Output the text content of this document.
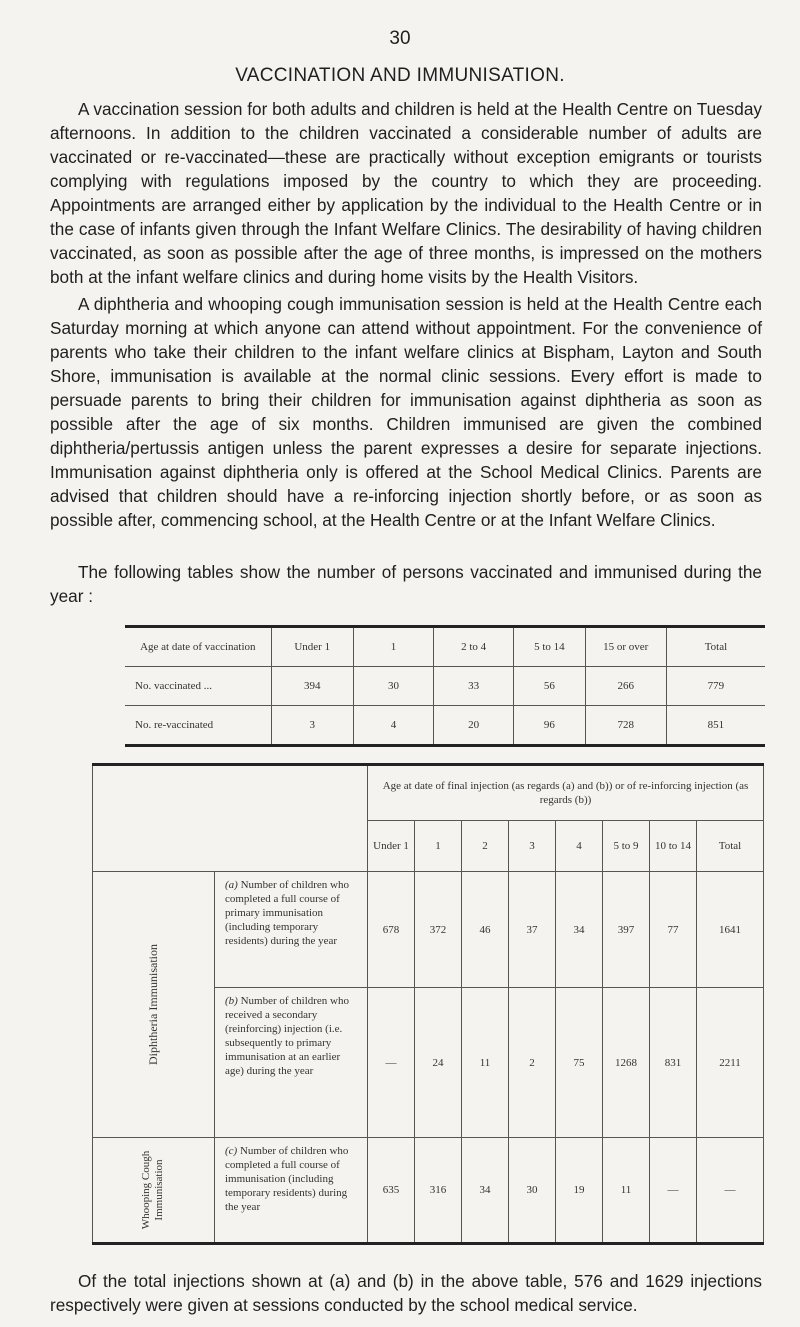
30
VACCINATION AND IMMUNISATION.

A vaccination session for both adults and children is held at the Health Centre on Tuesday afternoons. In addition to the children vaccinated a considerable number of adults are vaccinated or re-vaccinated—these are practically without exception emigrants or tourists complying with regulations imposed by the country to which they are proceeding. Appointments are arranged either by application by the individual to the Health Centre or in the case of infants given through the Infant Welfare Clinics. The desirability of having children vaccinated, as soon as possible after the age of three months, is impressed on the mothers both at the infant welfare clinics and during home visits by the Health Visitors.

A diphtheria and whooping cough immunisation session is held at the Health Centre each Saturday morning at which anyone can attend without appointment. For the convenience of parents who take their children to the infant welfare clinics at Bispham, Layton and South Shore, immunisation is available at the normal clinic sessions. Every effort is made to persuade parents to bring their children for immunisation against diphtheria as soon as possible after the age of six months. Children immunised are given the combined diphtheria/pertussis antigen unless the parent expresses a desire for separate injections. Immunisation against diphtheria only is offered at the School Medical Clinics. Parents are advised that children should have a re-inforcing injection shortly before, or as soon as possible after, commencing school, at the Health Centre or at the Infant Welfare Clinics.

The following tables show the number of persons vaccinated and immunised during the year :

Age at date of vaccination	Under 1	1	2 to 4	5 to 14	15 or over	Total
No. vaccinated ...	394	30	33	56	266	779
No. re-vaccinated	3	4	20	96	728	851
		Age at date of final injection (as regards (a) and (b)) or of re-inforcing injection (as regards (b))							
		Under 1	1	2	3	4	5 to 9	10 to 14	Total
Diphtheria Immunisation	(a) Number of children who completed a full course of primary immunisation (including temporary residents) during the year	678	372	46	37	34	397	77	1641
	(b) Number of children who received a secondary (reinforcing) injection (i.e. subsequently to primary immunisation at an earlier age) during the year	—	24	11	2	75	1268	831	2211
Whooping Cough Immunisation	(c) Number of children who completed a full course of immunisation (including temporary residents) during the year	635	316	34	30	19	11	—	—

Of the total injections shown at (a) and (b) in the above table, 576 and 1629 injections respectively were given at sessions conducted by the school medical service.
